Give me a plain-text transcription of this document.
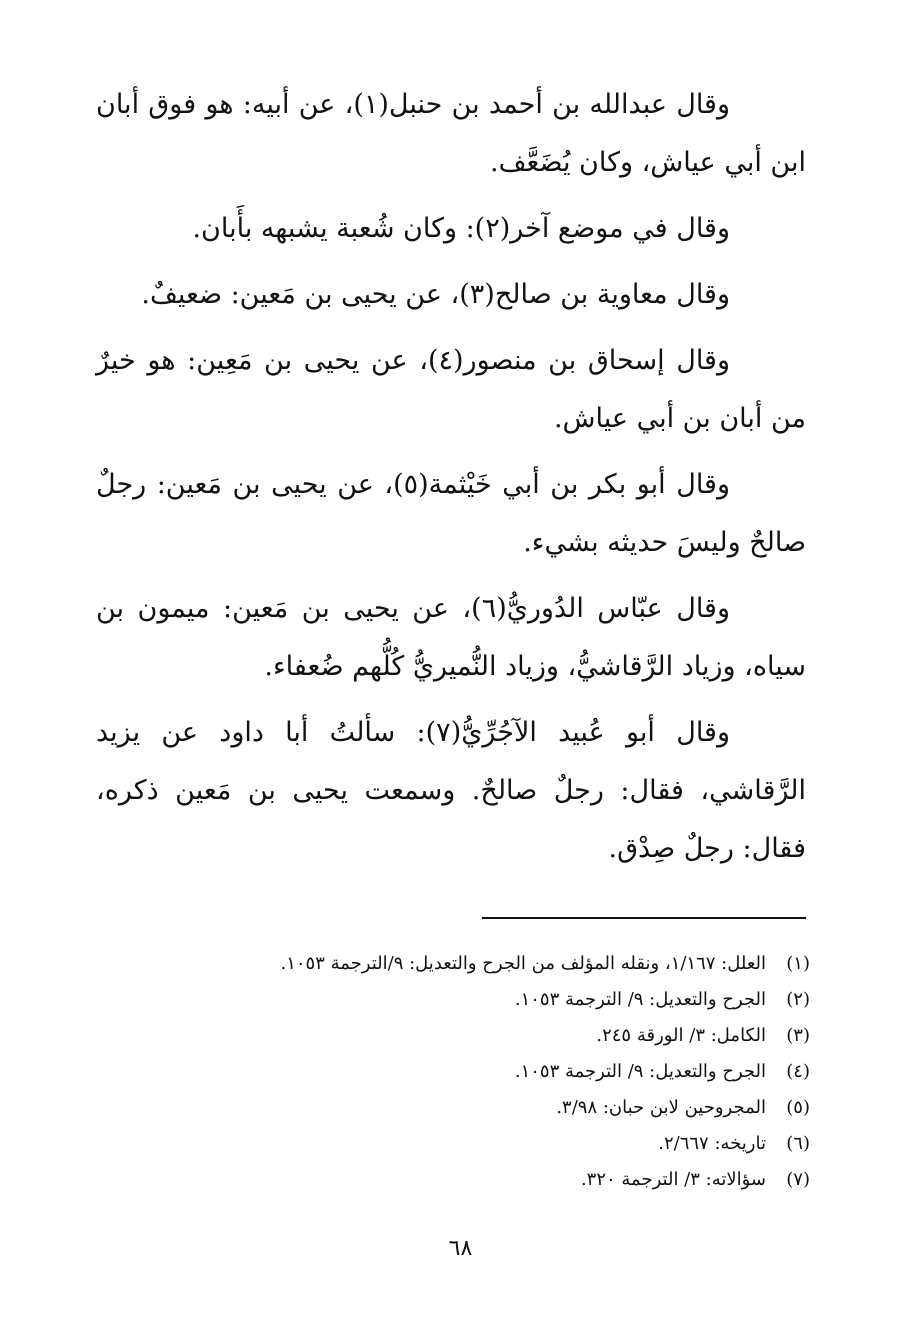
وقال عبدالله بن أحمد بن حنبل(١)، عن أبيه: هو فوق أبان ابن أبي عياش، وكان يُضَعَّف.

وقال في موضع آخر(٢): وكان شُعبة يشبهه بأَبان.

وقال معاوية بن صالح(٣)، عن يحيى بن مَعين: ضعيفٌ.

وقال إسحاق بن منصور(٤)، عن يحيى بن مَعِين: هو خيرٌ من أبان بن أبي عياش.

وقال أبو بكر بن أبي خَيْثمة(٥)، عن يحيى بن مَعين: رجلٌ صالحٌ وليسَ حديثه بشيء.

وقال عبّاس الدُوريُّ(٦)، عن يحيى بن مَعين: ميمون بن سياه، وزياد الرَّقاشيُّ، وزياد النُّميريُّ كُلُّهم ضُعفاء.

وقال أبو عُبيد الآجُرِّيُّ(٧): سألتُ أبا داود عن يزيد الرَّقاشي، فقال: رجلٌ صالحٌ. وسمعت يحيى بن مَعين ذكره، فقال: رجلٌ صِدْق.

(١)
العلل: ١/١٦٧، ونقله المؤلف من الجرح والتعديل: ٩/الترجمة ١٠٥٣.
(٢)
الجرح والتعديل: ٩/ الترجمة ١٠٥٣.
(٣)
الكامل: ٣/ الورقة ٢٤٥.
(٤)
الجرح والتعديل: ٩/ الترجمة ١٠٥٣.
(٥)
المجروحين لابن حبان: ٣/٩٨.
(٦)
تاريخه: ٢/٦٦٧.
(٧)
سؤالاته: ٣/ الترجمة ٣٢٠.
٦٨
